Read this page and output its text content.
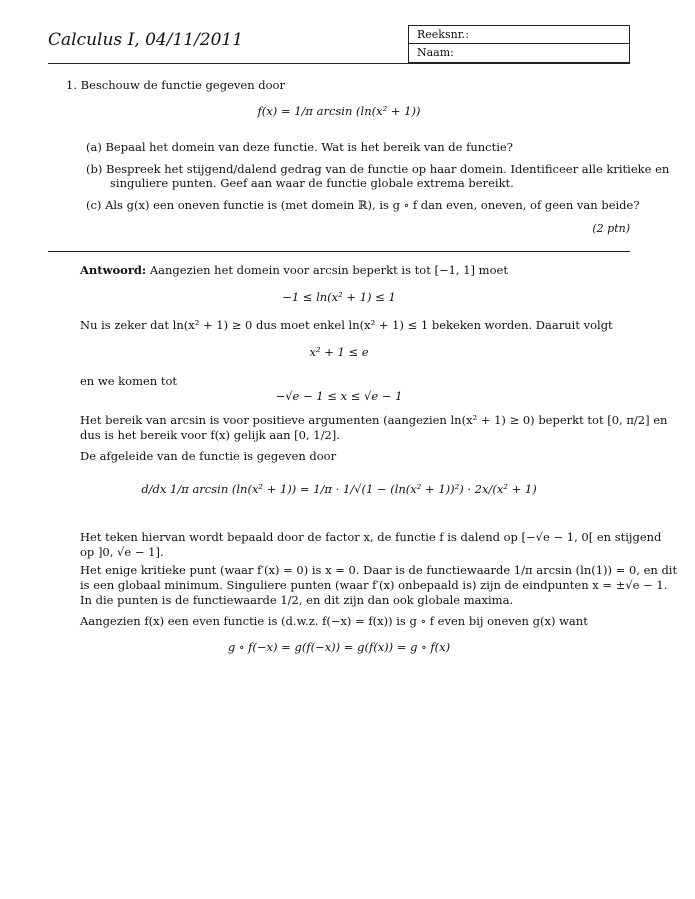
Calculus I, 04/11/2011	Reeksnr.:
Naam:
1. Beschouw de functie gegeven door
f(x) = 1/π arcsin (ln(x² + 1))
(a) Bepaal het domein van deze functie. Wat is het bereik van de functie?
(b) Bespreek het stijgend/dalend gedrag van de functie op haar domein. Identificeer alle kritieke en
singuliere punten. Geef aan waar de functie globale extrema bereikt.
(c) Als g(x) een oneven functie is (met domein ℝ), is g ∘ f dan even, oneven, of geen van beide?
(2 ptn)
Antwoord: Aangezien het domein voor arcsin beperkt is tot [−1, 1] moet
−1 ≤ ln(x² + 1) ≤ 1
Nu is zeker dat ln(x² + 1) ≥ 0 dus moet enkel ln(x² + 1) ≤ 1 bekeken worden. Daaruit volgt
x² + 1 ≤ e
en we komen tot
−√e − 1 ≤ x ≤ √e − 1
Het bereik van arcsin is voor positieve argumenten (aangezien ln(x² + 1) ≥ 0) beperkt tot [0, π/2] en
dus is het bereik voor f(x) gelijk aan [0, 1/2].
De afgeleide van de functie is gegeven door
d/dx 1/π arcsin (ln(x² + 1)) = 1/π · 1/√(1 − (ln(x² + 1))²) · 2x/(x² + 1)
Het teken hiervan wordt bepaald door de factor x, de functie f is dalend op [−√e − 1, 0[ en stijgend
op ]0, √e − 1].
Het enige kritieke punt (waar f′(x) = 0) is x = 0. Daar is de functiewaarde 1/π arcsin (ln(1)) = 0, en dit
is een globaal minimum. Singuliere punten (waar f′(x) onbepaald is) zijn de eindpunten x = ±√e − 1.
In die punten is de functiewaarde 1/2, en dit zijn dan ook globale maxima.
Aangezien f(x) een even functie is (d.w.z. f(−x) = f(x)) is g ∘ f even bij oneven g(x) want
g ∘ f(−x) = g(f(−x)) = g(f(x)) = g ∘ f(x)
